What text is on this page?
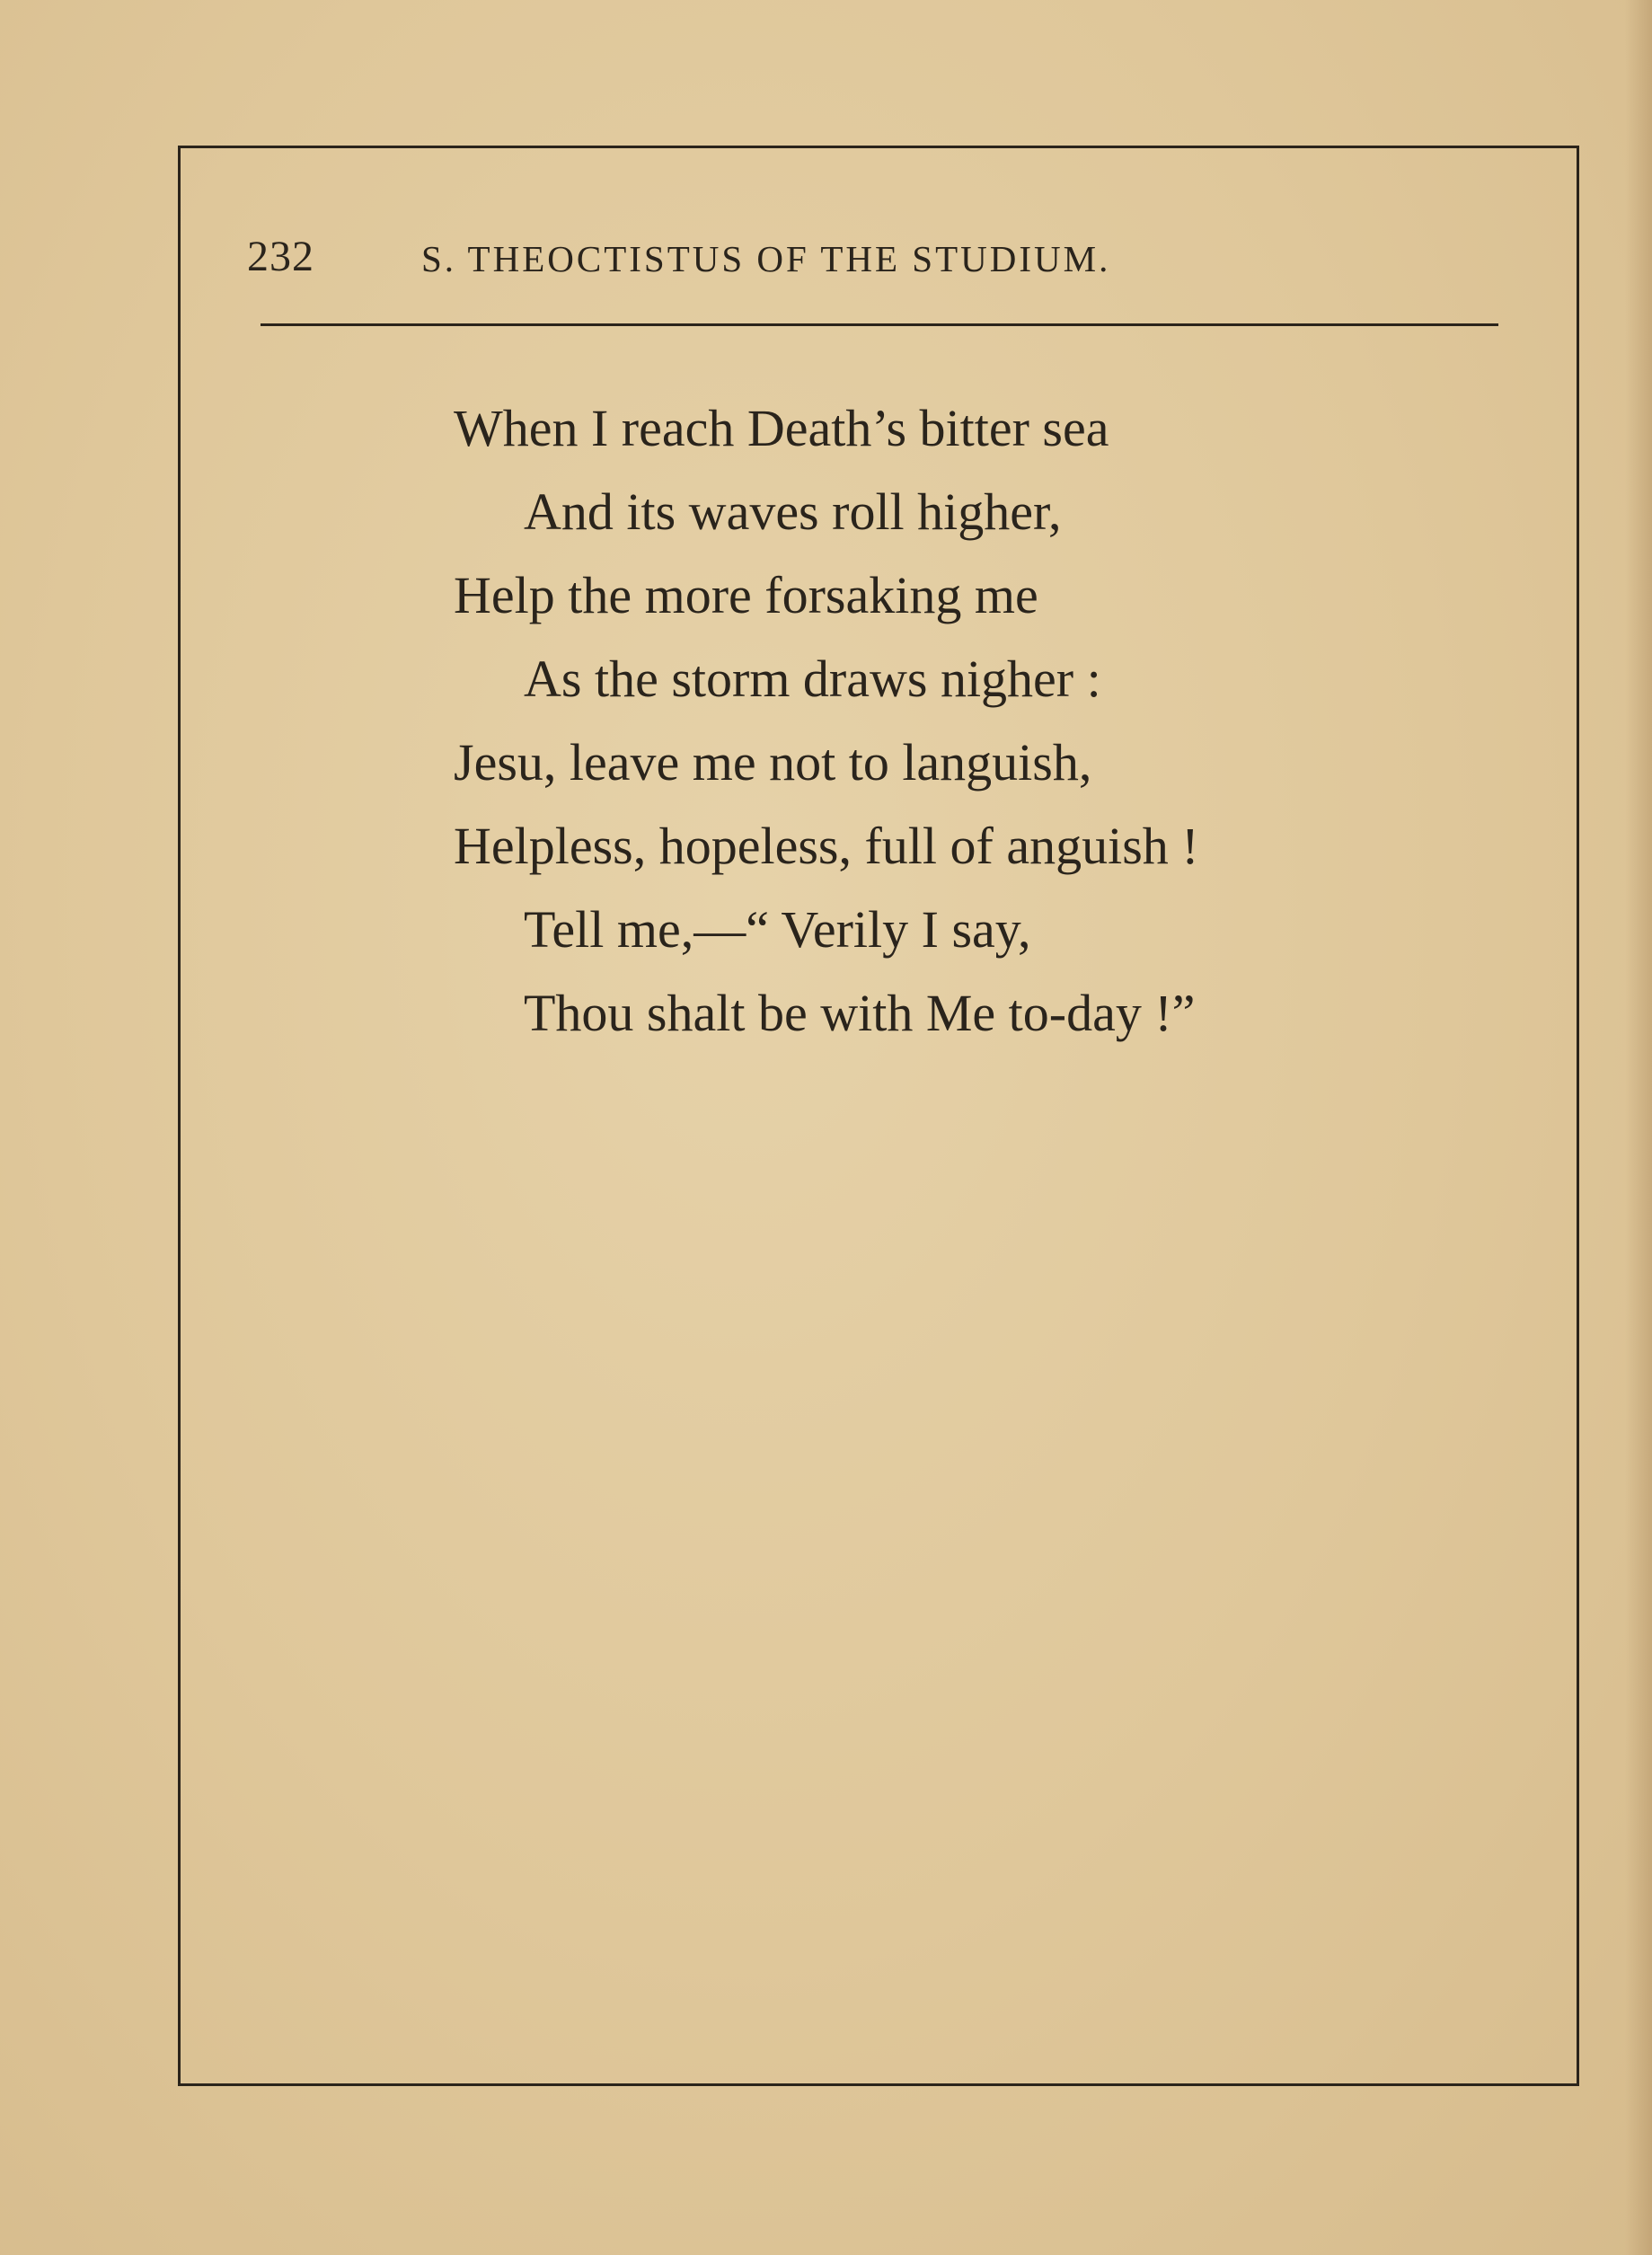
232	S. THEOCTISTUS OF THE STUDIUM.
When I reach Death’s bitter sea
And its waves roll higher,
Help the more forsaking me
As the storm draws nigher :
Jesu, leave me not to languish,
Helpless, hopeless, full of anguish !
Tell me,—“ Verily I say,
Thou shalt be with Me to-day !”
